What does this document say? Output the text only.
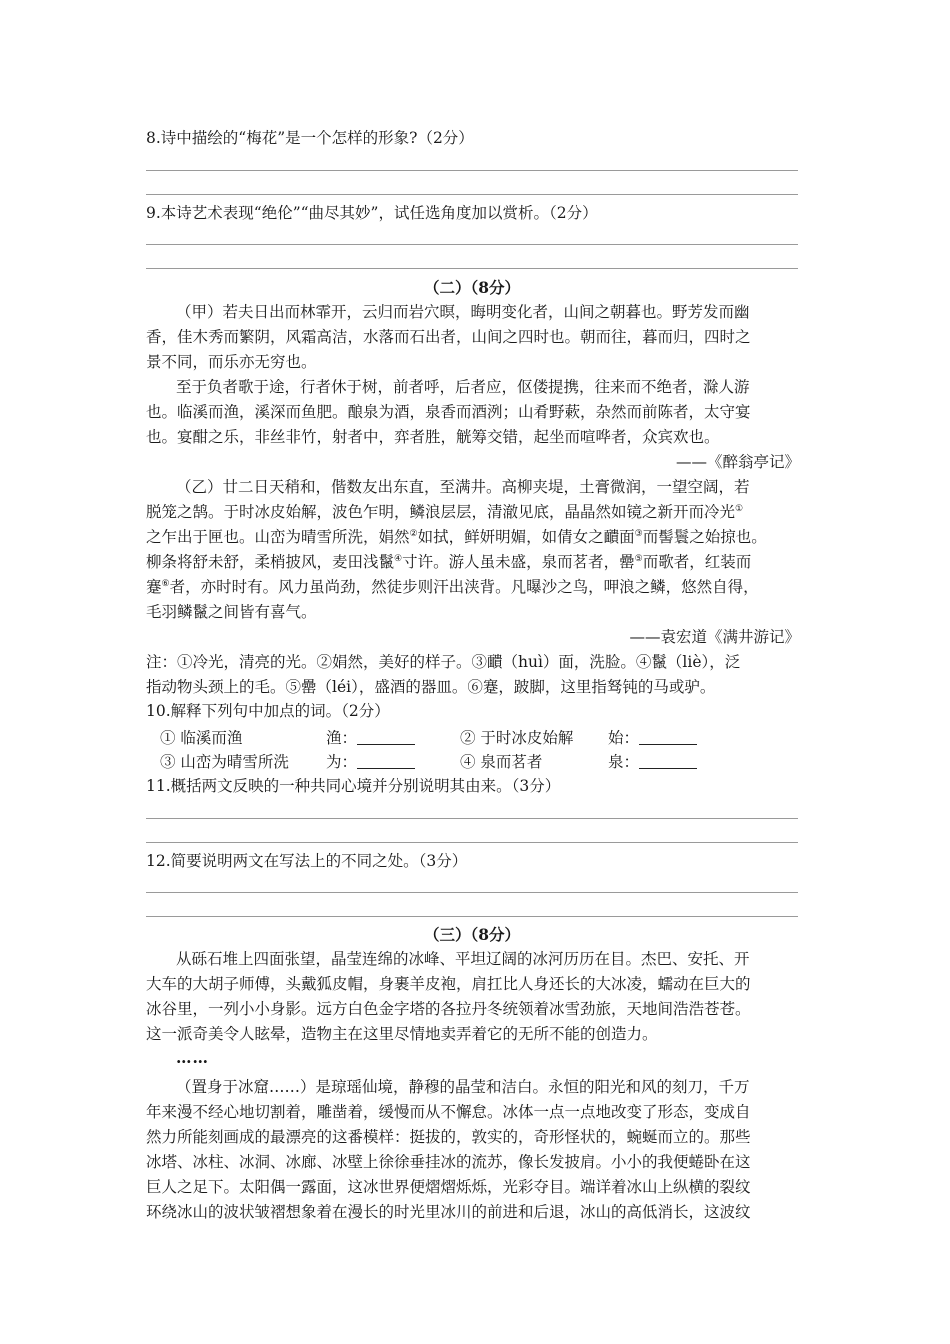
8.诗中描绘的“梅花”是一个怎样的形象?（2分）
9.本诗艺术表现“绝伦”“曲尽其妙”，试任选角度加以赏析。（2分）
（二）（8分）
（甲）若夫日出而林霏开，云归而岩穴暝，晦明变化者，山间之朝暮也。野芳发而幽
香，佳木秀而繁阴，风霜高洁，水落而石出者，山间之四时也。朝而往，暮而归，四时之
景不同，而乐亦无穷也。
至于负者歌于途，行者休于树，前者呼，后者应，伛偻提携，往来而不绝者，滁人游
也。临溪而渔，溪深而鱼肥。酿泉为酒，泉香而酒洌；山肴野蔌，杂然而前陈者，太守宴
也。宴酣之乐，非丝非竹，射者中，弈者胜，觥筹交错，起坐而喧哗者，众宾欢也。
——《醉翁亭记》
（乙）廿二日天稍和，偕数友出东直，至满井。高柳夹堤，土膏微润，一望空阔，若
脱笼之鹄。于时冰皮始解，波色乍明，鳞浪层层，清澈见底，晶晶然如镜之新开而冷光①
之乍出于匣也。山峦为晴雪所洗，娟然②如拭，鲜妍明媚，如倩女之靧面③而髻鬟之始掠也。
柳条将舒未舒，柔梢披风，麦田浅鬣④寸许。游人虽未盛，泉而茗者，罍⑤而歌者，红装而
蹇⑥者，亦时时有。风力虽尚劲，然徒步则汗出浃背。凡曝沙之鸟，呷浪之鳞，悠然自得，
毛羽鳞鬣之间皆有喜气。
——袁宏道《满井游记》
注：①冷光，清亮的光。②娟然，美好的样子。③靧（huì）面，洗脸。④鬣（liè），泛
指动物头颈上的毛。⑤罍（léi），盛酒的器皿。⑥蹇，跛脚，这里指驽钝的马或驴。
10.解释下列句中加点的词。（2分）
① 临溪而渔	渔：	② 于时冰皮始解 始：
③ 山峦为晴雪所洗 为：	④ 泉而茗者	泉：
11.概括两文反映的一种共同心境并分别说明其由来。（3分）
12.简要说明两文在写法上的不同之处。（3分）
（三）（8分）
从砾石堆上四面张望，晶莹连绵的冰峰、平坦辽阔的冰河历历在目。杰巴、安托、开
大车的大胡子师傅，头戴狐皮帽，身裹羊皮袍，肩扛比人身还长的大冰凌，蠕动在巨大的
冰谷里，一列小小身影。远方白色金字塔的各拉丹冬统领着冰雪劲旅，天地间浩浩苍苍。
这一派奇美令人眩晕，造物主在这里尽情地卖弄着它的无所不能的创造力。
……
（置身于冰窟……）是琼瑶仙境，静穆的晶莹和洁白。永恒的阳光和风的刻刀，千万
年来漫不经心地切割着，雕凿着，缓慢而从不懈怠。冰体一点一点地改变了形态，变成自
然力所能刻画成的最漂亮的这番模样：挺拔的，敦实的，奇形怪状的，蜿蜒而立的。那些
冰塔、冰柱、冰洞、冰廊、冰壁上徐徐垂挂冰的流苏，像长发披肩。小小的我便蜷卧在这
巨人之足下。太阳偶一露面，这冰世界便熠熠烁烁，光彩夺目。端详着冰山上纵横的裂纹
环绕冰山的波状皱褶想象着在漫长的时光里冰川的前进和后退，冰山的高低消长，这波纹
